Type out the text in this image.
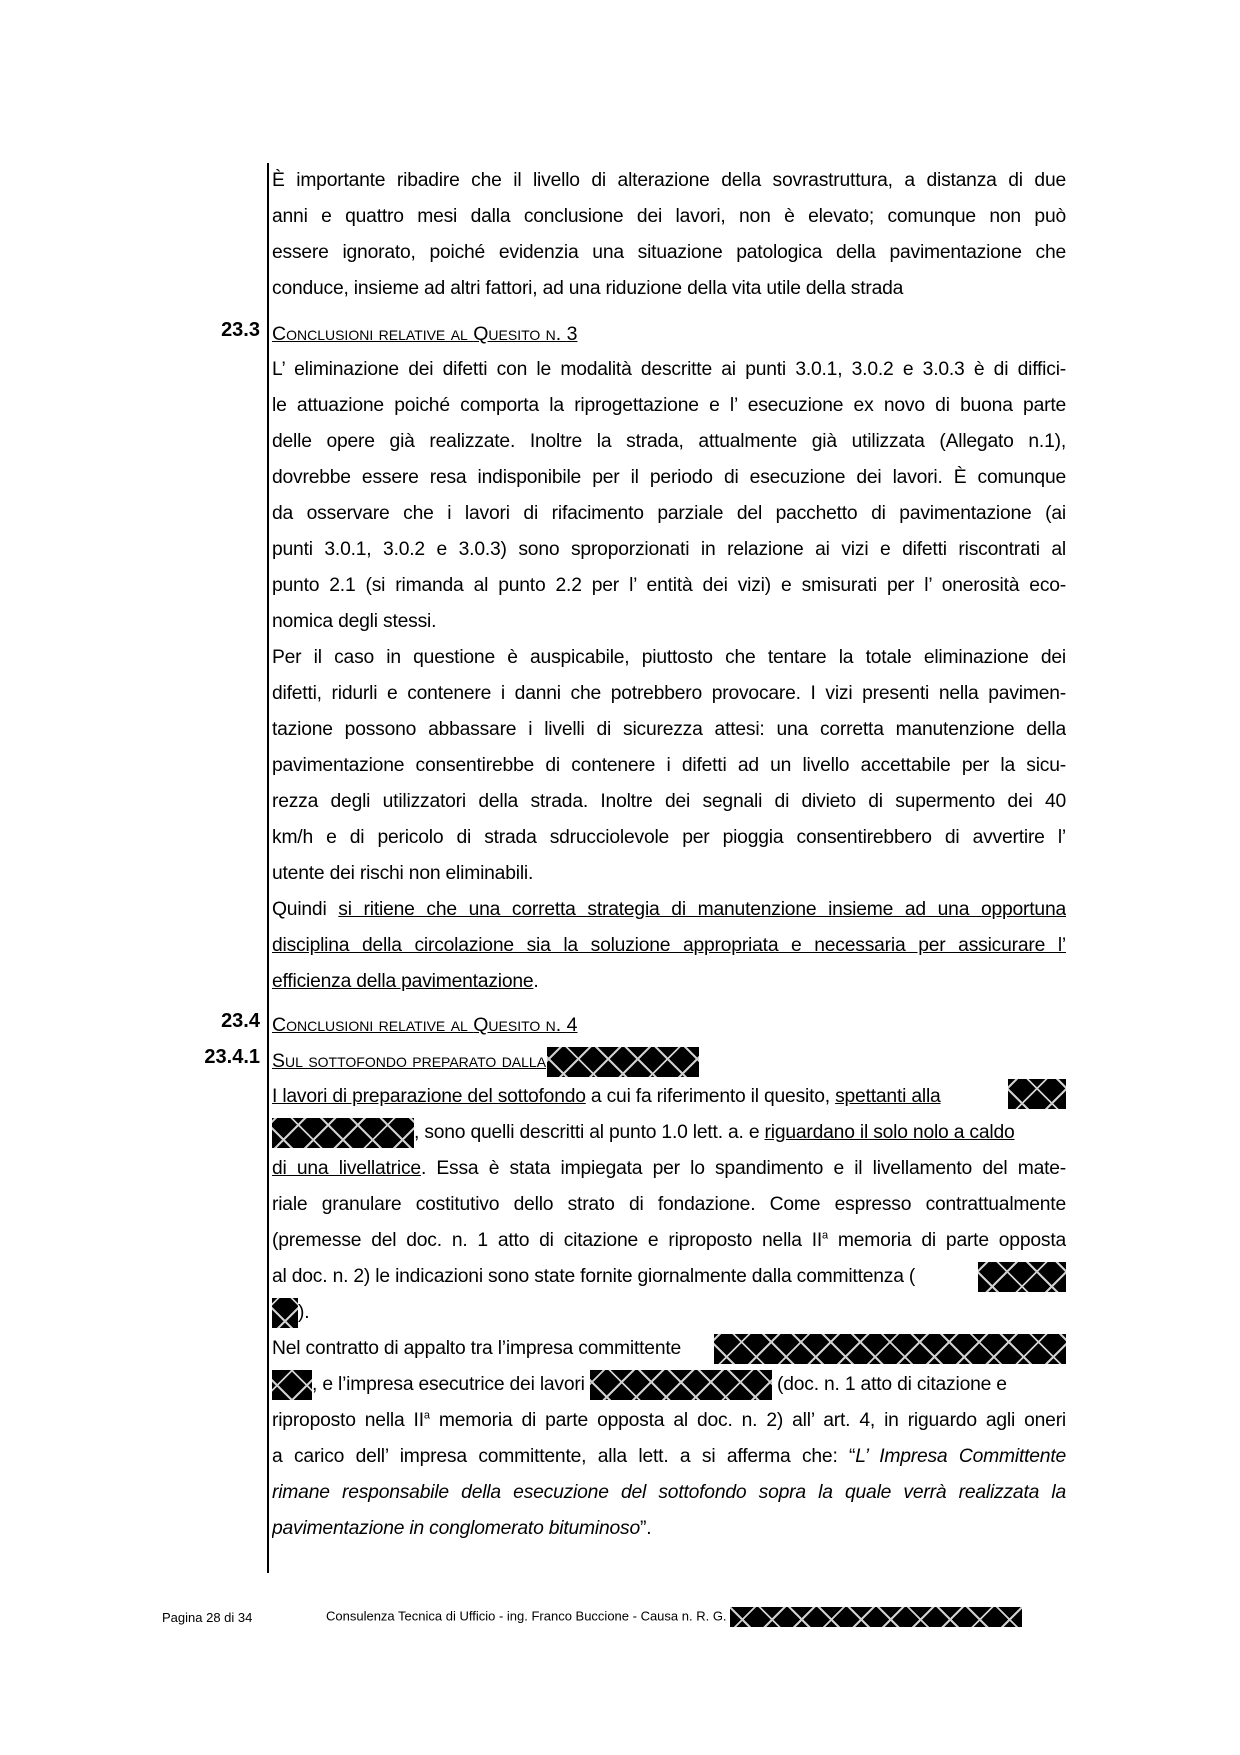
È importante ribadire che il livello di alterazione della sovrastruttura, a distanza di due
anni e quattro mesi dalla conclusione dei lavori, non è elevato; comunque non può
essere ignorato, poiché evidenzia una situazione patologica della pavimentazione che
conduce, insieme ad altri fattori, ad una riduzione della vita utile della strada
23.3 Conclusioni relative al Quesito n. 3
L’ eliminazione dei difetti con le modalità descritte ai punti 3.0.1, 3.0.2 e 3.0.3 è di diffici-
le attuazione poiché comporta la riprogettazione e l’ esecuzione ex novo di buona parte
delle opere già realizzate. Inoltre la strada, attualmente già utilizzata (Allegato n.1),
dovrebbe essere resa indisponibile per il periodo di esecuzione dei lavori. È comunque
da osservare che i lavori di rifacimento parziale del pacchetto di pavimentazione (ai
punti 3.0.1, 3.0.2 e 3.0.3) sono sproporzionati in relazione ai vizi e difetti riscontrati al
punto 2.1 (si rimanda al punto 2.2 per l’ entità dei vizi) e smisurati per l’ onerosità eco-
nomica degli stessi.
Per il caso in questione è auspicabile, piuttosto che tentare la totale eliminazione dei
difetti, ridurli e contenere i danni che potrebbero provocare. I vizi presenti nella pavimen-
tazione possono abbassare i livelli di sicurezza attesi: una corretta manutenzione della
pavimentazione consentirebbe di contenere i difetti ad un livello accettabile per la sicu-
rezza degli utilizzatori della strada. Inoltre dei segnali di divieto di supermento dei 40
km/h e di pericolo di strada sdrucciolevole per pioggia consentirebbero di avvertire l’
utente dei rischi non eliminabili.
Quindi si ritiene che una corretta strategia di manutenzione insieme ad una opportuna
disciplina della circolazione sia la soluzione appropriata e necessaria per assicurare l’
efficienza della pavimentazione.
23.4 Conclusioni relative al Quesito n. 4
23.4.1 Sul sottofondo preparato dalla
I lavori di preparazione del sottofondo a cui fa riferimento il quesito, spettanti alla
, sono quelli descritti al punto 1.0 lett. a. e riguardano il solo nolo a caldo
di una livellatrice. Essa è stata impiegata per lo spandimento e il livellamento del mate-
riale granulare costitutivo dello strato di fondazione. Come espresso contrattualmente
(premesse del doc. n. 1 atto di citazione e riproposto nella $II^a$ memoria di parte opposta
al doc. n. 2) le indicazioni sono state fornite giornalmente dalla committenza (
).
Nel contratto di appalto tra l’impresa committente
, e l’impresa esecutrice dei lavori	(doc. n. 1 atto di citazione e
riproposto nella $II^a$ memoria di parte opposta al doc. n. 2) all’ art. 4, in riguardo agli oneri
a carico dell’ impresa committente, alla lett. a si afferma che: “L’ Impresa Committente
rimane responsabile della esecuzione del sottofondo sopra la quale verrà realizzata la
pavimentazione in conglomerato bituminoso”.
Pagina 28 di 34	Consulenza Tecnica di Ufficio - ing. Franco Buccione - Causa n. R. G.
